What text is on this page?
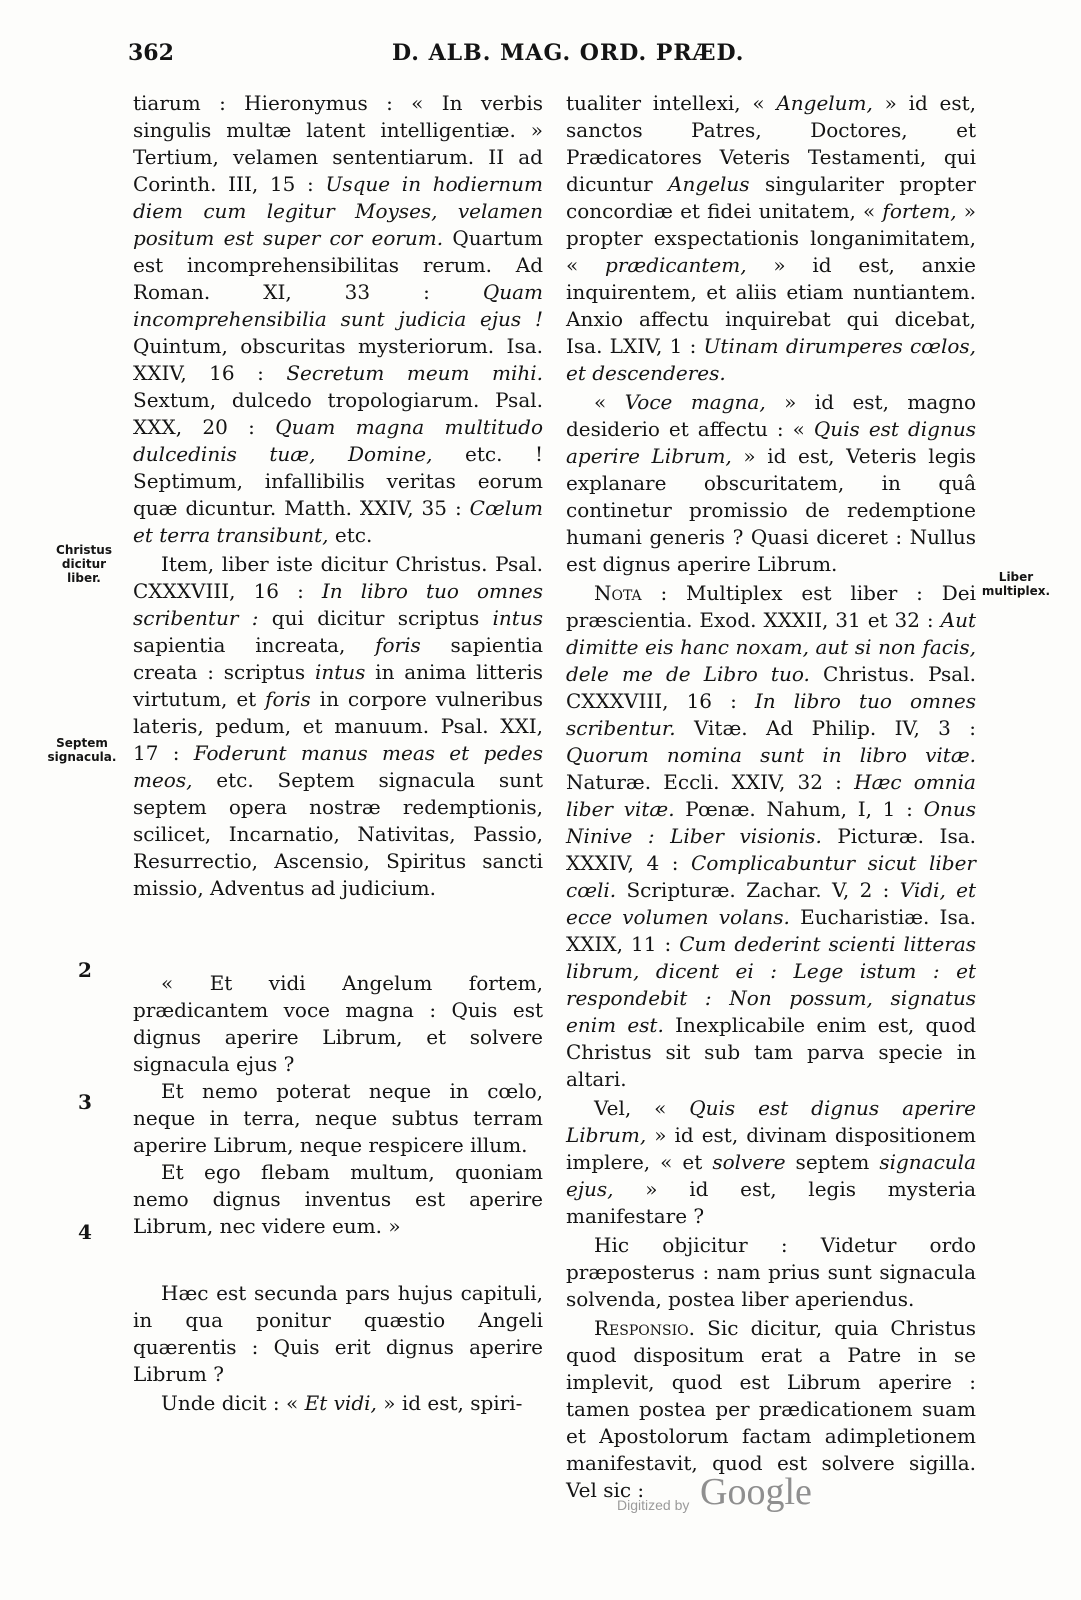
362	D. ALB. MAG. ORD. PRÆD.
Christus dicitur liber.
Septem signacula.
Liber multiplex.
2
3
4

tiarum : Hieronymus : « In verbis singulis multæ latent intelligentiæ. » Tertium, velamen sententiarum. II ad Corinth. III, 15 : Usque in hodiernum diem cum legitur Moyses, velamen positum est super cor eorum. Quartum est incomprehensibilitas rerum. Ad Roman. XI, 33 : Quam incomprehensibilia sunt judicia ejus ! Quintum, obscuritas mysteriorum. Isa. XXIV, 16 : Secretum meum mihi. Sextum, dulcedo tropologiarum. Psal. XXX, 20 : Quam magna multitudo dulcedinis tuæ, Domine, etc. ! Septimum, infallibilis veritas eorum quæ dicuntur. Matth. XXIV, 35 : Cœlum et terra transibunt, etc.

Item, liber iste dicitur Christus. Psal. CXXXVIII, 16 : In libro tuo omnes scribentur : qui dicitur scriptus intus sapientia increata, foris sapientia creata : scriptus intus in anima litteris virtutum, et foris in corpore vulneribus lateris, pedum, et manuum. Psal. XXI, 17 : Foderunt manus meas et pedes meos, etc. Septem signacula sunt septem opera nostræ redemptionis, scilicet, Incarnatio, Nativitas, Passio, Resurrectio, Ascensio, Spiritus sancti missio, Adventus ad judicium.

« Et vidi Angelum fortem, prædicantem voce magna : Quis est dignus aperire Librum, et solvere signacula ejus ?

Et nemo poterat neque in cœlo, neque in terra, neque subtus terram aperire Librum, neque respicere illum.

Et ego flebam multum, quoniam nemo dignus inventus est aperire Librum, nec videre eum. »

Hæc est secunda pars hujus capituli, in qua ponitur quæstio Angeli quærentis : Quis erit dignus aperire Librum ?

Unde dicit : « Et vidi, » id est, spiri-

tualiter intellexi, « Angelum, » id est, sanctos Patres, Doctores, et Prædicatores Veteris Testamenti, qui dicuntur Angelus singulariter propter concordiæ et fidei unitatem, « fortem, » propter exspectationis longanimitatem, « prædicantem, » id est, anxie inquirentem, et aliis etiam nuntiantem. Anxio affectu inquirebat qui dicebat, Isa. LXIV, 1 : Utinam dirumperes cœlos, et descenderes.

« Voce magna, » id est, magno desiderio et affectu : « Quis est dignus aperire Librum, » id est, Veteris legis explanare obscuritatem, in quâ continetur promissio de redemptione humani generis ? Quasi diceret : Nullus est dignus aperire Librum.

Nota : Multiplex est liber : Dei præscientia. Exod. XXXII, 31 et 32 : Aut dimitte eis hanc noxam, aut si non facis, dele me de Libro tuo. Christus. Psal. CXXXVIII, 16 : In libro tuo omnes scribentur. Vitæ. Ad Philip. IV, 3 : Quorum nomina sunt in libro vitæ. Naturæ. Eccli. XXIV, 32 : Hæc omnia liber vitæ. Pœnæ. Nahum, I, 1 : Onus Ninive : Liber visionis. Picturæ. Isa. XXXIV, 4 : Complicabuntur sicut liber cœli. Scripturæ. Zachar. V, 2 : Vidi, et ecce volumen volans. Eucharistiæ. Isa. XXIX, 11 : Cum dederint scienti litteras librum, dicent ei : Lege istum : et respondebit : Non possum, signatus enim est. Inexplicabile enim est, quod Christus sit sub tam parva specie in altari.

Vel, « Quis est dignus aperire Librum, » id est, divinam dispositionem implere, « et solvere septem signacula ejus, » id est, legis mysteria manifestare ?

Hic objicitur : Videtur ordo præposterus : nam prius sunt signacula solvenda, postea liber aperiendus.

Responsio. Sic dicitur, quia Christus quod dispositum erat a Patre in se implevit, quod est Librum aperire : tamen postea per prædicationem suam et Apostolorum factam adimpletionem manifestavit, quod est solvere sigilla. Vel sic :

Digitized by Google
